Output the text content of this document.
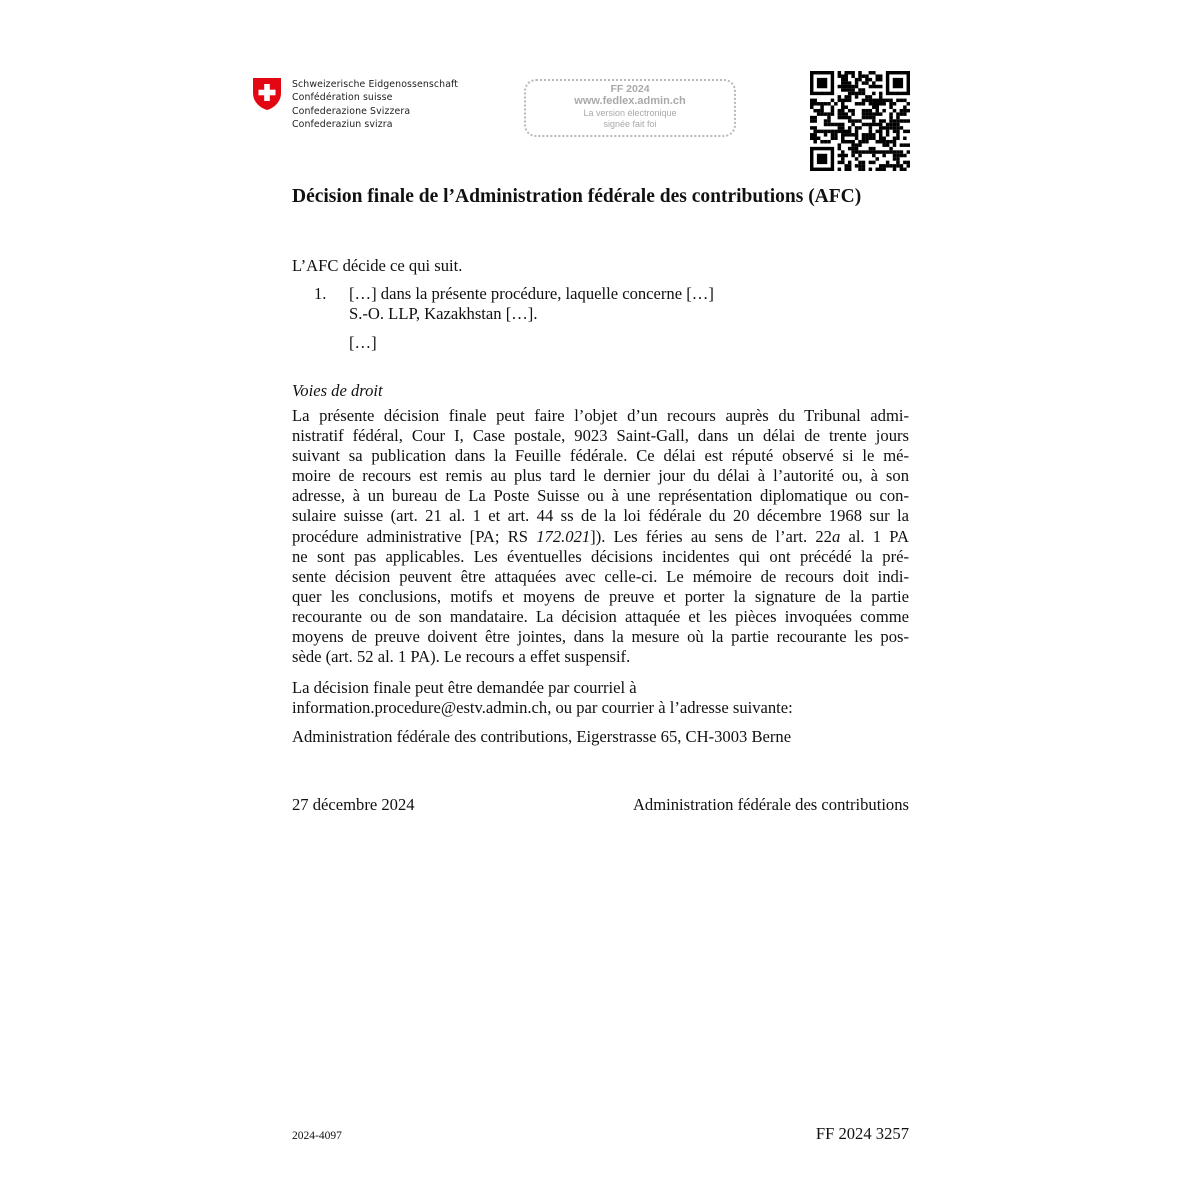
Schweizerische Eidgenossenschaft
Confédération suisse
Confederazione Svizzera
Confederaziun svizra
FF 2024
www.fedlex.admin.ch
La version électronique
signée fait foi
Décision finale de l’Administration fédérale des contributions (AFC)
L’AFC décide ce qui suit.
1. […] dans la présente procédure, laquelle concerne […]
S.-O. LLP, Kazakhstan […].
[…]
Voies de droit
La présente décision finale peut faire l’objet d’un recours auprès du Tribunal admi-
nistratif fédéral, Cour I, Case postale, 9023 Saint-Gall, dans un délai de trente jours
suivant sa publication dans la Feuille fédérale. Ce délai est réputé observé si le mé-
moire de recours est remis au plus tard le dernier jour du délai à l’autorité ou, à son
adresse, à un bureau de La Poste Suisse ou à une représentation diplomatique ou con-
sulaire suisse (art. 21 al. 1 et art. 44 ss de la loi fédérale du 20 décembre 1968 sur la
procédure administrative [PA; RS 172.021]). Les féries au sens de l’art. 22a al. 1 PA
ne sont pas applicables. Les éventuelles décisions incidentes qui ont précédé la pré-
sente décision peuvent être attaquées avec celle-ci. Le mémoire de recours doit indi-
quer les conclusions, motifs et moyens de preuve et porter la signature de la partie
recourante ou de son mandataire. La décision attaquée et les pièces invoquées comme
moyens de preuve doivent être jointes, dans la mesure où la partie recourante les pos-
sède (art. 52 al. 1 PA). Le recours a effet suspensif.
La décision finale peut être demandée par courriel à
information.procedure@estv.admin.ch, ou par courrier à l’adresse suivante:
Administration fédérale des contributions, Eigerstrasse 65, CH-3003 Berne
27 décembre 2024	Administration fédérale des contributions
2024-4097	FF 2024 3257
